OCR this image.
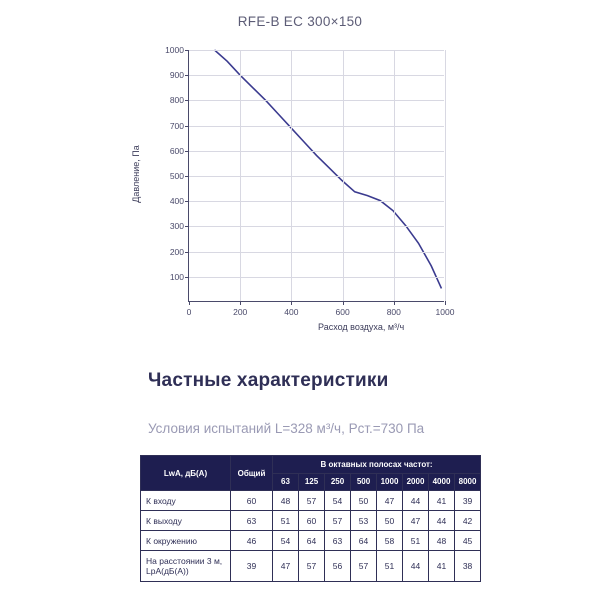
RFE-B EC 300×150
Давление, Па
Расход воздуха, м³/ч
100
200
300
400
500
600
700
800
900
1000
0	200	400	600	800	1000
Частные характеристики
Условия испытаний L=328 м³/ч, Рст.=730 Па
LwA, дБ(A)	Общий	В октавных полосах частот:							
		63	125	250	500	1000	2000	4000	8000
К входу	60	48	57	54	50	47	44	41	39
К выходу	63	51	60	57	53	50	47	44	42
К окружению	46	54	64	63	64	58	51	48	45
На расстоянии 3 м, LpA(дБ(A))	39	47	57	56	57	51	44	41	38
